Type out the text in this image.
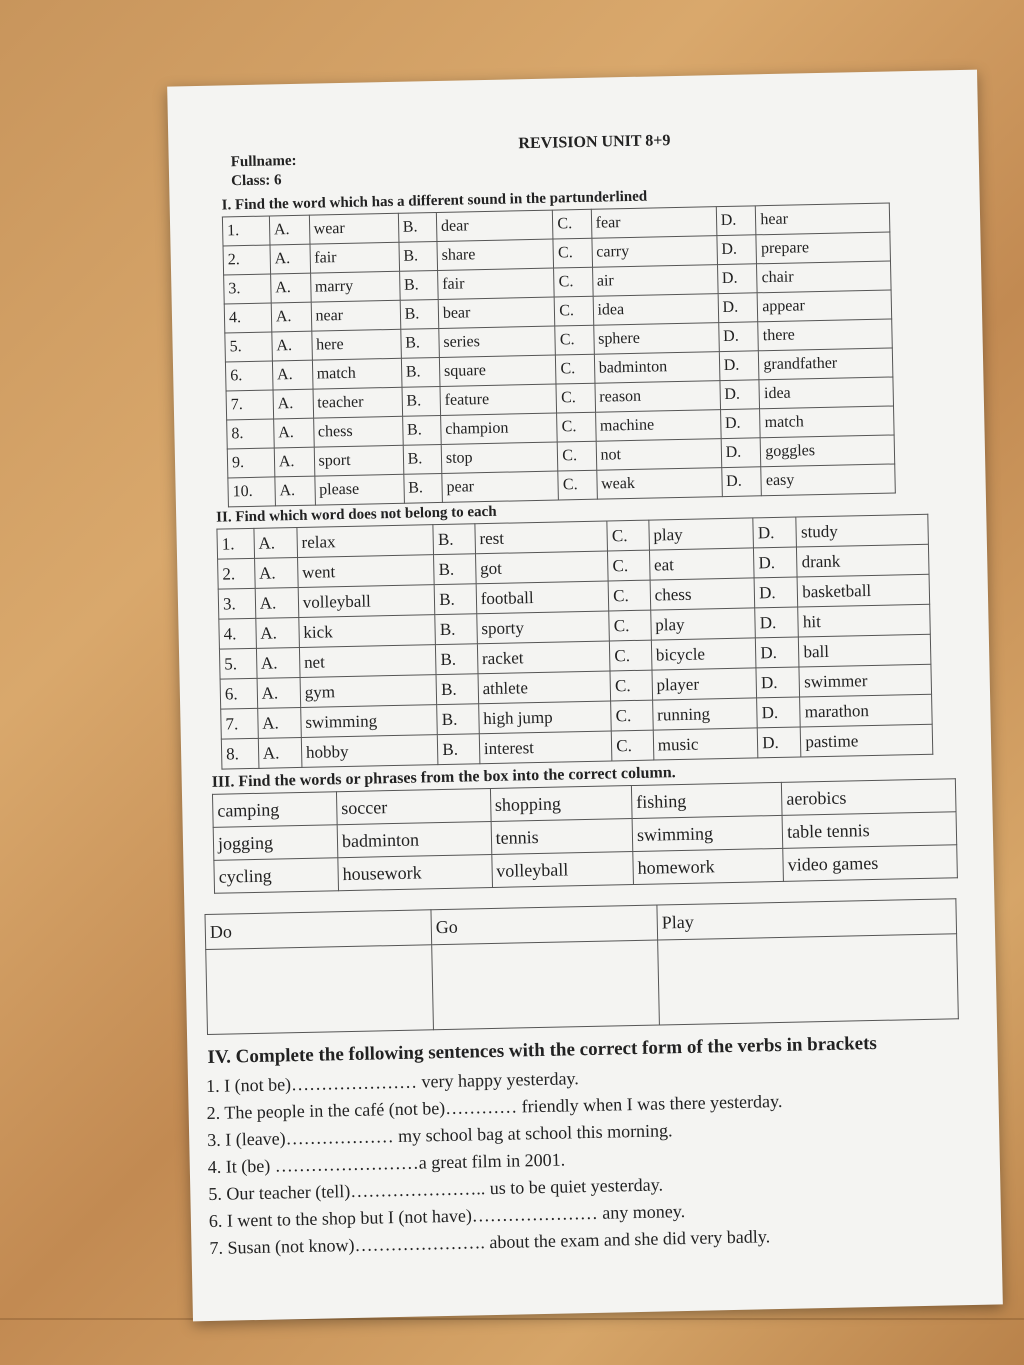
Fullname:
Class: 6
REVISION UNIT 8+9
I. Find the word which has a different sound in the partunderlined
1.	A.	wear	B.	dear	C.	fear	D.	hear
2.	A.	fair	B.	share	C.	carry	D.	prepare
3.	A.	marry	B.	fair	C.	air	D.	chair
4.	A.	near	B.	bear	C.	idea	D.	appear
5.	A.	here	B.	series	C.	sphere	D.	there
6.	A.	match	B.	square	C.	badminton	D.	grandfather
7.	A.	teacher	B.	feature	C.	reason	D.	idea
8.	A.	chess	B.	champion	C.	machine	D.	match
9.	A.	sport	B.	stop	C.	not	D.	goggles
10.	A.	please	B.	pear	C.	weak	D.	easy
II. Find which word does not belong to each
1.	A.	relax	B.	rest	C.	play	D.	study
2.	A.	went	B.	got	C.	eat	D.	drank
3.	A.	volleyball	B.	football	C.	chess	D.	basketball
4.	A.	kick	B.	sporty	C.	play	D.	hit
5.	A.	net	B.	racket	C.	bicycle	D.	ball
6.	A.	gym	B.	athlete	C.	player	D.	swimmer
7.	A.	swimming	B.	high jump	C.	running	D.	marathon
8.	A.	hobby	B.	interest	C.	music	D.	pastime
III. Find the words or phrases from the box into the correct column.
camping	soccer	shopping	fishing	aerobics
jogging	badminton	tennis	swimming	table tennis
cycling	housework	volleyball	homework	video games
Do	Go	Play

IV. Complete the following sentences with the correct form of the verbs in brackets
1. I (not be)………………… very happy yesterday.
2. The people in the café (not be)………… friendly when I was there yesterday.
3. I (leave)……………… my school bag at school this morning.
4. It (be) ……………………a great film in 2001.
5. Our teacher (tell)………………….. us to be quiet yesterday.
6. I went to the shop but I (not have)………………… any money.
7. Susan (not know)…………………. about the exam and she did very badly.
